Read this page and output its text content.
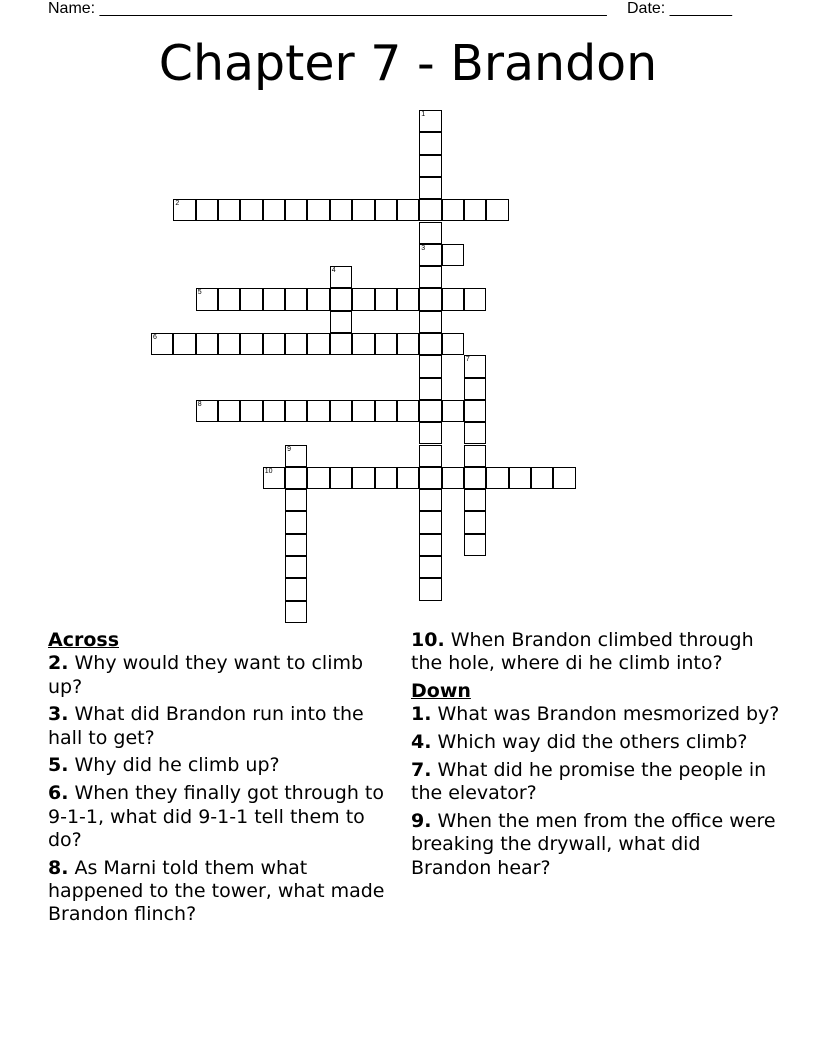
Name: _________________________________________________________ Date: _______
Chapter 7 - Brandon
1
3
2
4
5
6
7
8
9
10
Across
2. Why would they want to climb up?
3. What did Brandon run into the hall to get?
5. Why did he climb up?
6. When they finally got through to 9-1-1, what did 9-1-1 tell them to do?
8. As Marni told them what happened to the tower, what made Brandon flinch?
10. When Brandon climbed through the hole, where di he climb into?
Down
1. What was Brandon mesmorized by?
4. Which way did the others climb?
7. What did he promise the people in the elevator?
9. When the men from the office were breaking the drywall, what did Brandon hear?
